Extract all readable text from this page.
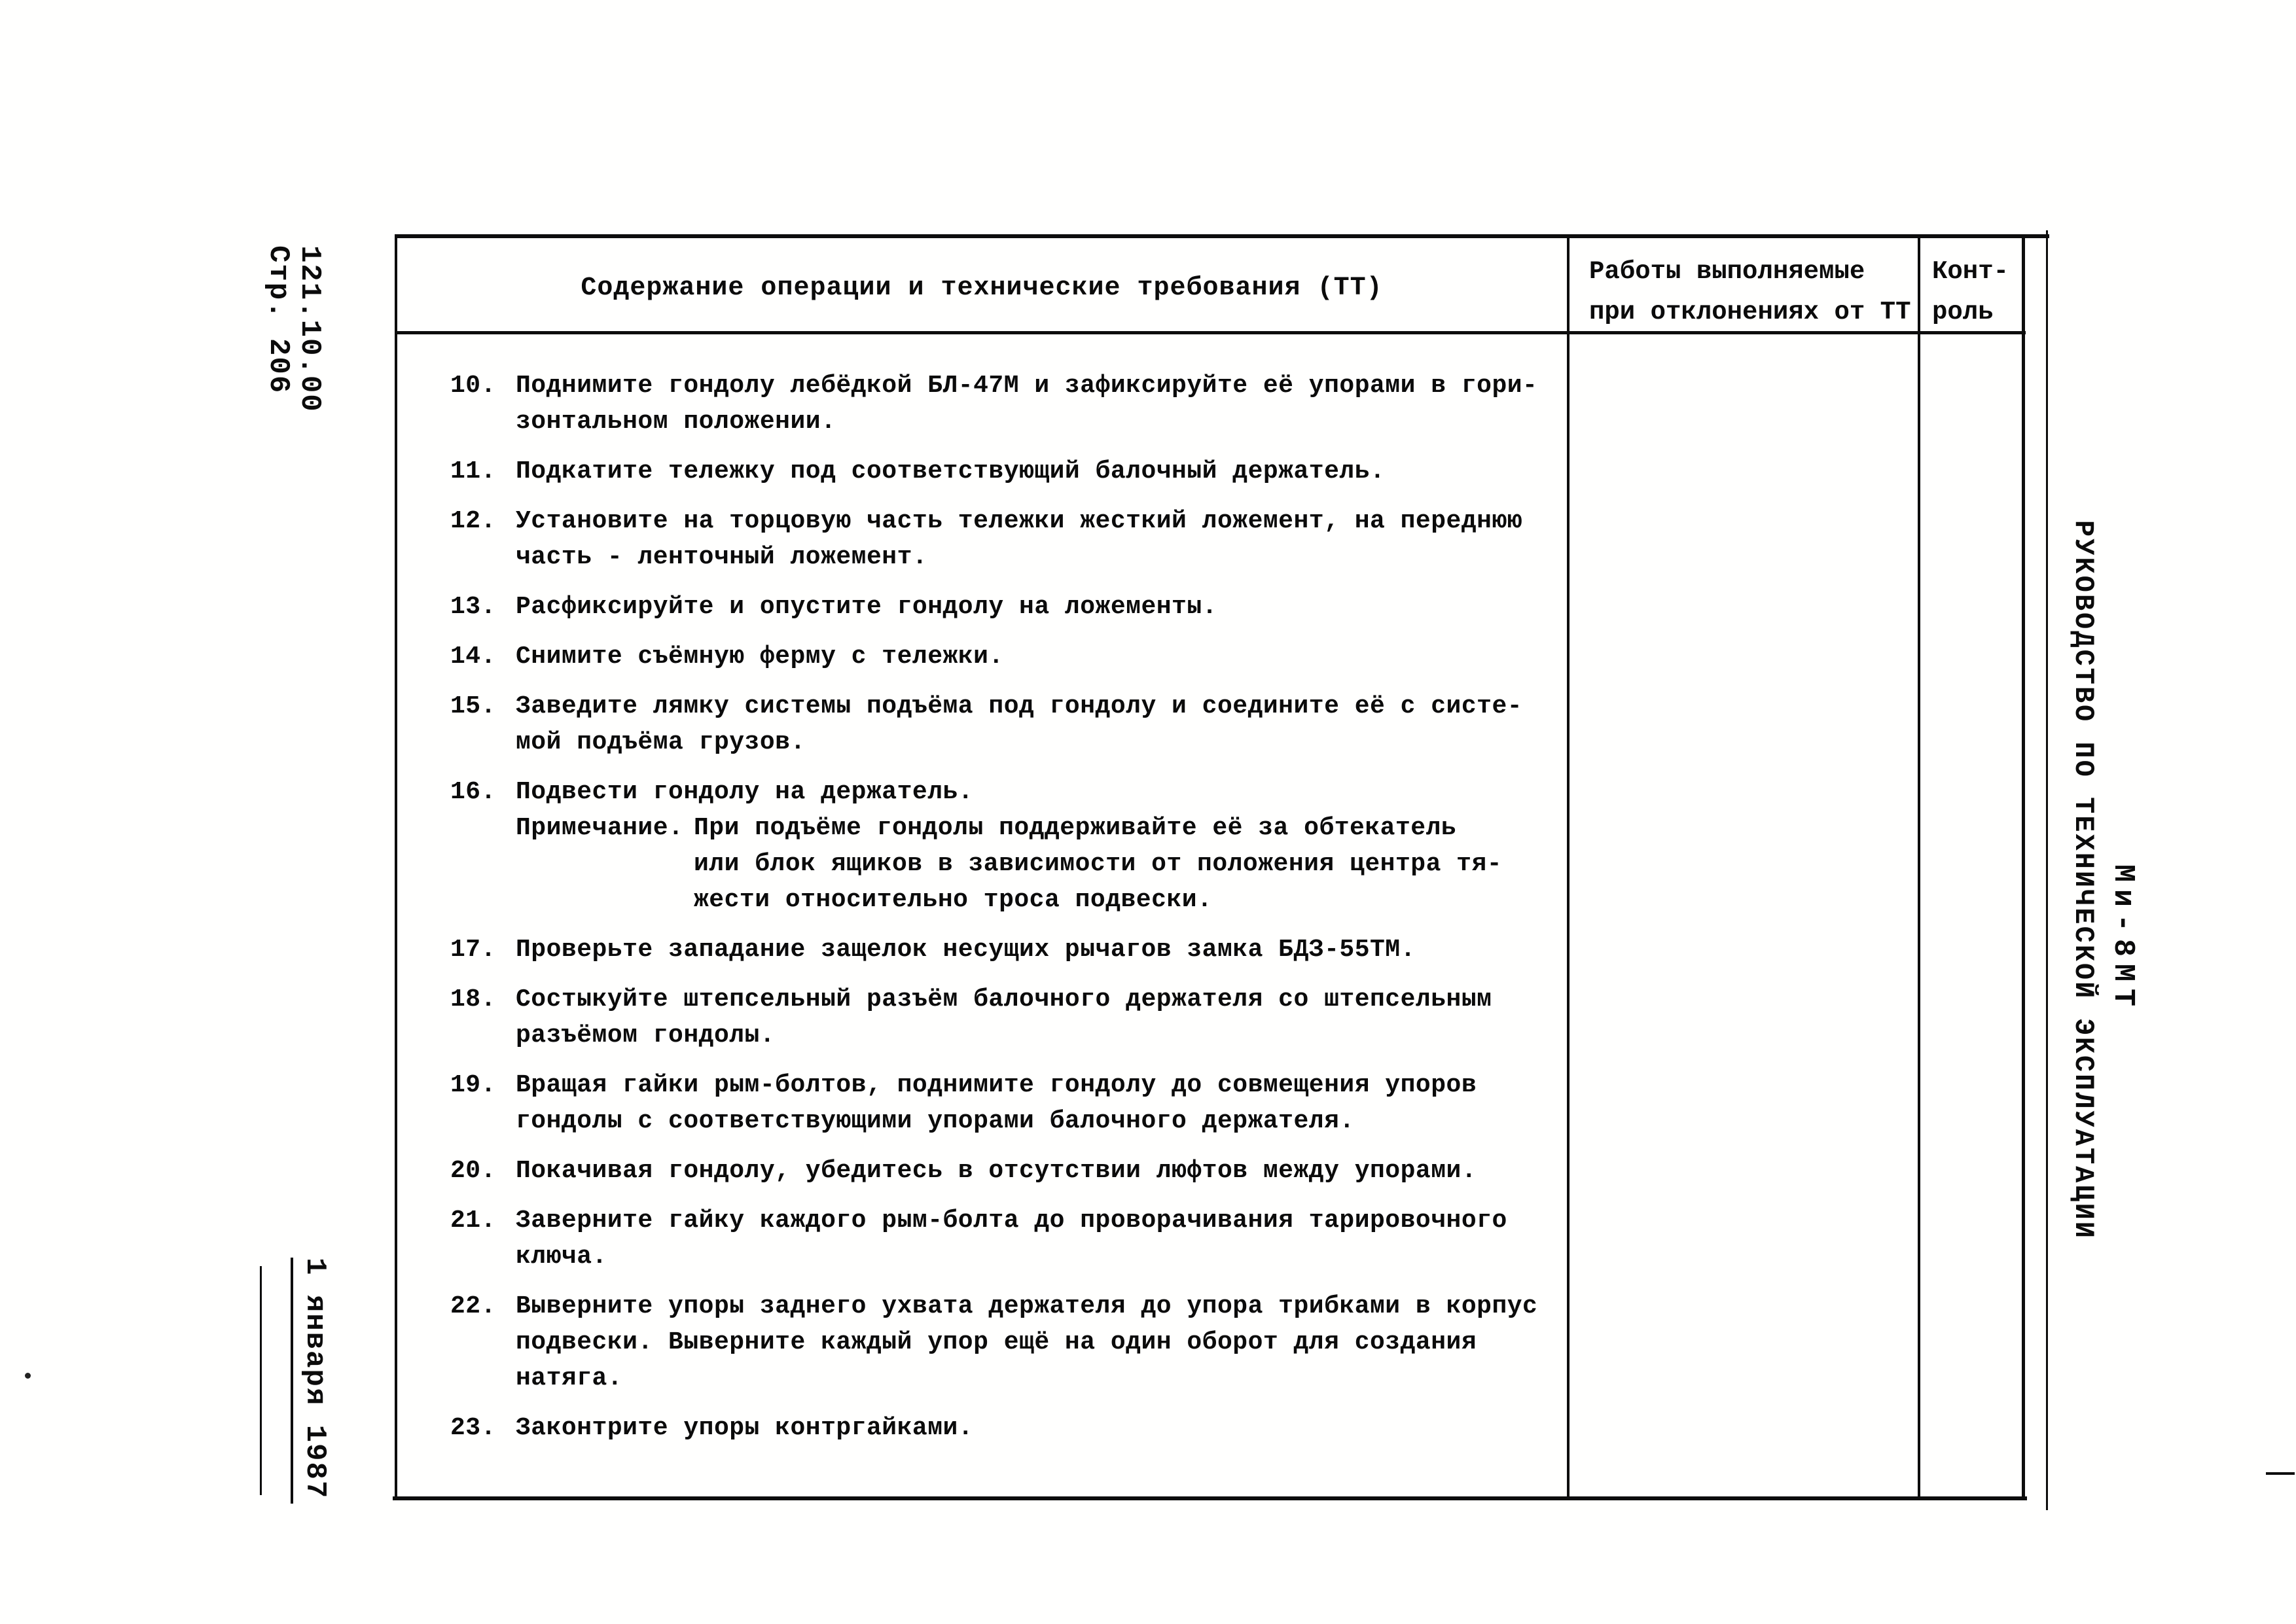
121.10.00
Стр. 206
1 января 1987
РУКОВОДСТВО ПО ТЕХНИЧЕСКОЙ ЭКСПЛУАТАЦИИ Ми-8МТ
Содержание операции и технические требования (ТТ)
Работы выполняемые
при отклонениях от ТТ
Конт-
роль
10. Поднимите гондолу лебёдкой БЛ-47М и зафиксируйте её упорами в гори-
зонтальном положении.
11. Подкатите тележку под соответствующий балочный держатель.
12. Установите на торцовую часть тележки жесткий ложемент, на переднюю
часть - ленточный ложемент.
13. Расфиксируйте и опустите гондолу на ложементы.
14. Снимите съёмную ферму с тележки.
15. Заведите лямку системы подъёма под гондолу и соедините её с систе-
мой подъёма грузов.
16. Подвести гондолу на держатель.
Примечание. При подъёме гондолы поддерживайте её за обтекатель
или блок ящиков в зависимости от положения центра тя-
жести относительно троса подвески.
17. Проверьте западание защелок несущих рычагов замка БДЗ-55ТМ.
18. Состыкуйте штепсельный разъём балочного держателя со штепсельным
разъёмом гондолы.
19. Вращая гайки рым-болтов, поднимите гондолу до совмещения упоров
гондолы с соответствующими упорами балочного держателя.
20. Покачивая гондолу, убедитесь в отсутствии люфтов между упорами.
21. Заверните гайку каждого рым-болта до проворачивания тарировочного
ключа.
22. Выверните упоры заднего ухвата держателя до упора трибками в корпус
подвески. Выверните каждый упор ещё на один оборот для создания
натяга.
23. Законтрите упоры контргайками.
